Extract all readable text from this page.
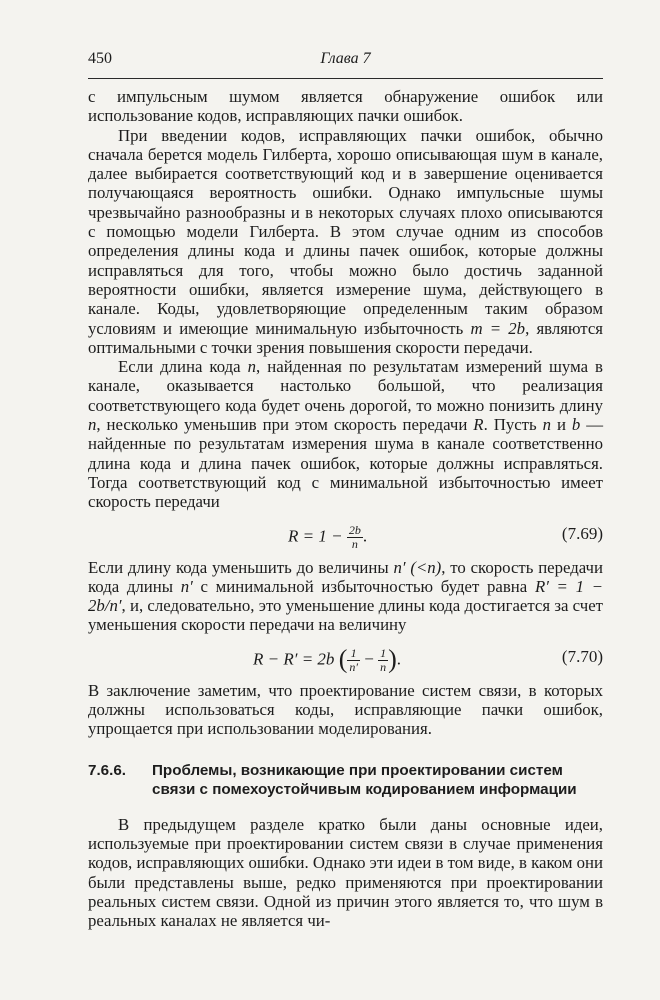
450	Глава 7

с импульсным шумом является обнаружение ошибок или использование кодов, исправляющих пачки ошибок.

При введении кодов, исправляющих пачки ошибок, обычно сначала берется модель Гилберта, хорошо описывающая шум в канале, далее выбирается соответствующий код и в завершение оценивается получающаяся вероятность ошибки. Однако импульсные шумы чрезвычайно разнообразны и в некоторых случаях плохо описываются с помощью модели Гилберта. В этом случае одним из способов определения длины кода и длины пачек ошибок, которые должны исправляться для того, чтобы можно было достичь заданной вероятности ошибки, является измерение шума, действующего в канале. Коды, удовлетворяющие определенным таким образом условиям и имеющие минимальную избыточность m = 2b, являются оптимальными с точки зрения повышения скорости передачи.

Если длина кода n, найденная по результатам измерений шума в канале, оказывается настолько большой, что реализация соответствующего кода будет очень дорогой, то можно понизить длину n, несколько уменьшив при этом скорость передачи R. Пусть n и b — найденные по результатам измерения шума в канале соответственно длина кода и длина пачек ошибок, которые должны исправляться. Тогда соответствующий код с минимальной избыточностью имеет скорость передачи

$R = 1 - \frac{2b}{n}$ .	(7.69)

Если длину кода уменьшить до величины n′ (<n), то скорость передачи кода длины n′ с минимальной избыточностью будет равна R′ = 1 − 2b/n′, и, следовательно, это уменьшение длины кода достигается за счет уменьшения скорости передачи на величину

R − R′ = 2b ( $\frac{1}{n'} - \frac{1}{n}$ ).	(7.70)

В заключение заметим, что проектирование систем связи, в которых должны использоваться коды, исправляющие пачки ошибок, упрощается при использовании моделирования.

7.6.6. Проблемы, возникающие при проектировании систем связи с помехоустойчивым кодированием информации

В предыдущем разделе кратко были даны основные идеи, используемые при проектировании систем связи в случае применения кодов, исправляющих ошибки. Однако эти идеи в том виде, в каком они были представлены выше, редко применяются при проектировании реальных систем связи. Одной из причин этого является то, что шум в реальных каналах не является чи-
